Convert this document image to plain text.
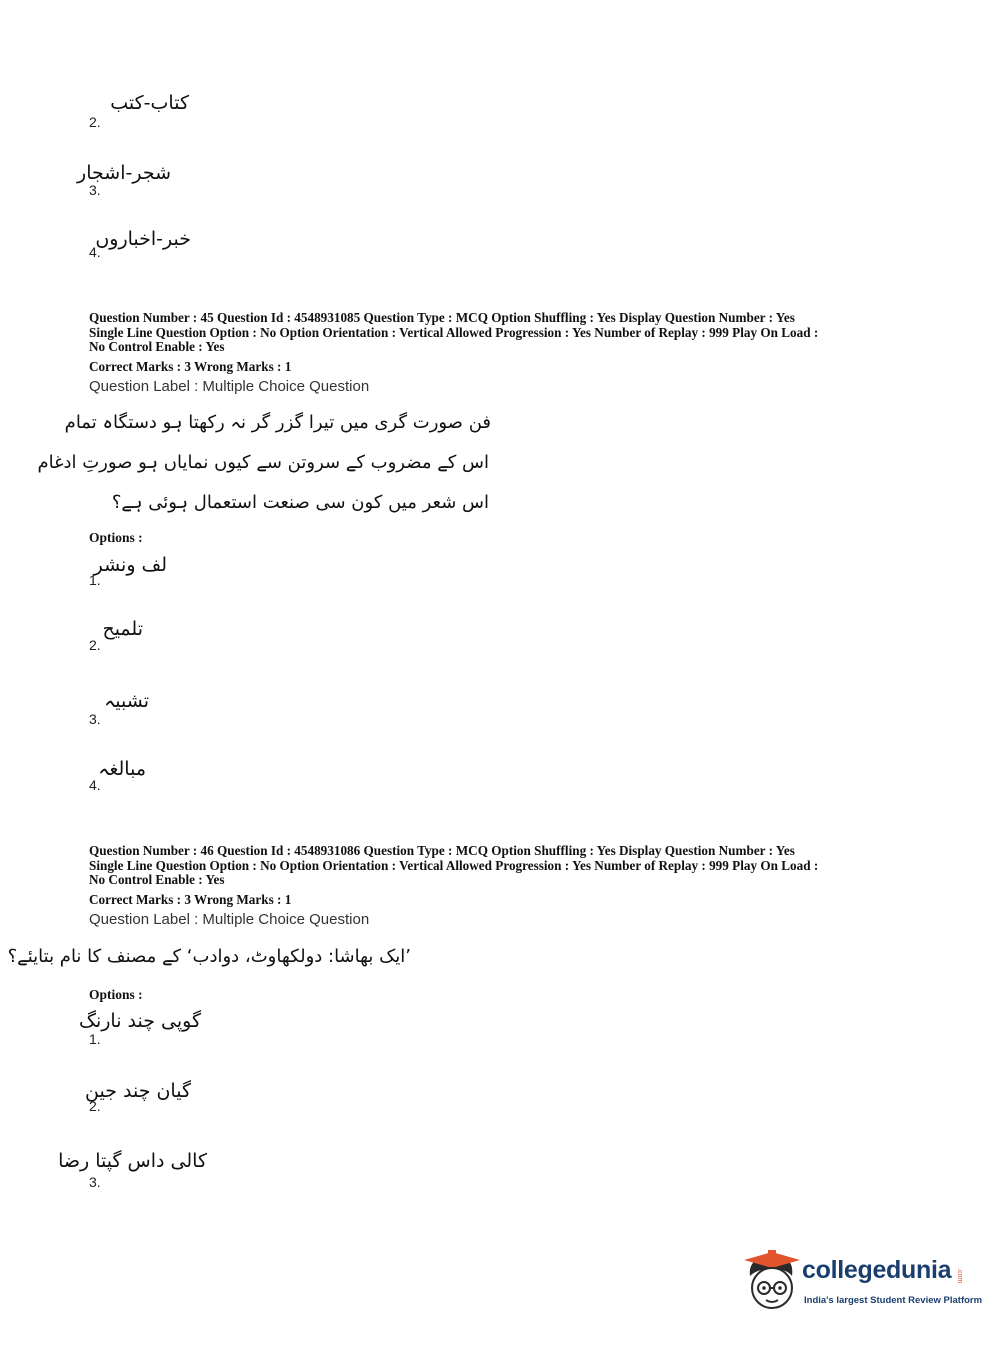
2.
کتاب-کتب
3.
شجر-اشجار
4.
خبر-اخباروں
Question Number : 45 Question Id : 4548931085 Question Type : MCQ Option Shuffling : Yes Display Question Number : Yes
Single Line Question Option : No Option Orientation : Vertical Allowed Progression : Yes Number of Replay : 999 Play On Load :
No Control Enable : Yes
Correct Marks : 3 Wrong Marks : 1
Question Label : Multiple Choice Question
فن صورت گری میں تیرا گزر گر نہ رکھتا ہو دستگاہ تمام
اس کے مضروب کے سروتن سے کیوں نمایاں ہو صورتِ ادغام
اس شعر میں کون سی صنعت استعمال ہوئی ہے؟
Options :
1.
لف ونشر
2.
تلمیح
3.
تشبیہ
4.
مبالغہ
Question Number : 46 Question Id : 4548931086 Question Type : MCQ Option Shuffling : Yes Display Question Number : Yes
Single Line Question Option : No Option Orientation : Vertical Allowed Progression : Yes Number of Replay : 999 Play On Load :
No Control Enable : Yes
Correct Marks : 3 Wrong Marks : 1
Question Label : Multiple Choice Question
’ایک بھاشا: دولکھاوٹ، دوادب‘ کے مصنف کا نام بتایئے؟
Options :
1.
گوپی چند نارنگ
2.
گیان چند جین
3.
کالی داس گپتا رضا
collegedunia .com
India's largest Student Review Platform
